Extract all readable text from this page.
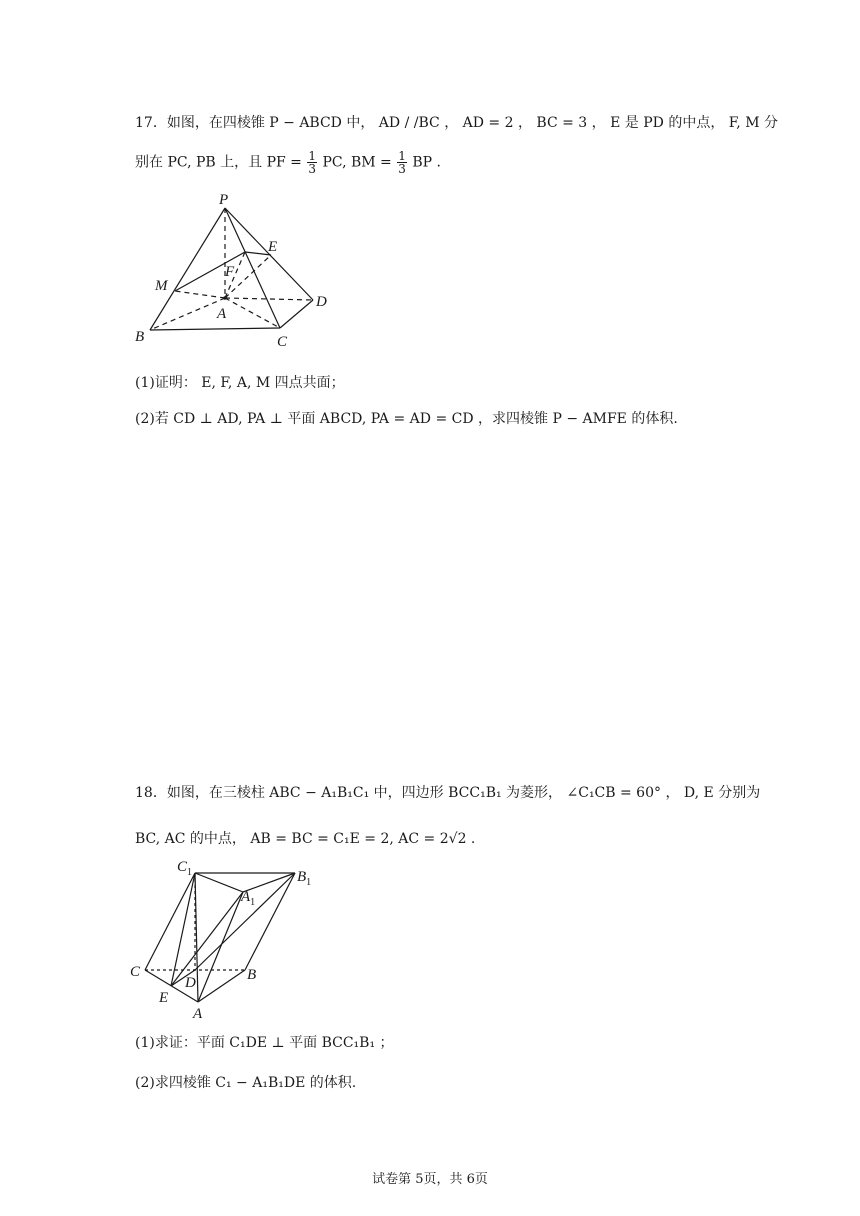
17．如图，在四棱锥 P − ABCD 中， AD / /BC ， AD = 2 ， BC = 3 ， E 是 PD 的中点， F, M 分
别在 PC, PB 上，且 PF = $\frac{1}{3}$ PC, BM = $\frac{1}{3}$ BP .
P
E
F
M
D
A
B	C
(1)证明： E, F, A, M 四点共面；
(2)若 CD ⊥ AD, PA ⊥ 平面 ABCD, PA = AD = CD ，求四棱锥 P − AMFE 的体积.
18．如图，在三棱柱 ABC − A₁B₁C₁ 中，四边形 BCC₁B₁ 为菱形， ∠C₁CB = 60° ， D, E 分别为
BC, AC 的中点， AB = BC = C₁E = 2, AC = 2√2 .
$C_1$
$A_1$
$B_1$
C	B
D
E
A
(1)求证：平面 C₁DE ⊥ 平面 BCC₁B₁ ；
(2)求四棱锥 C₁ − A₁B₁DE 的体积.
试卷第 5页，共 6页
